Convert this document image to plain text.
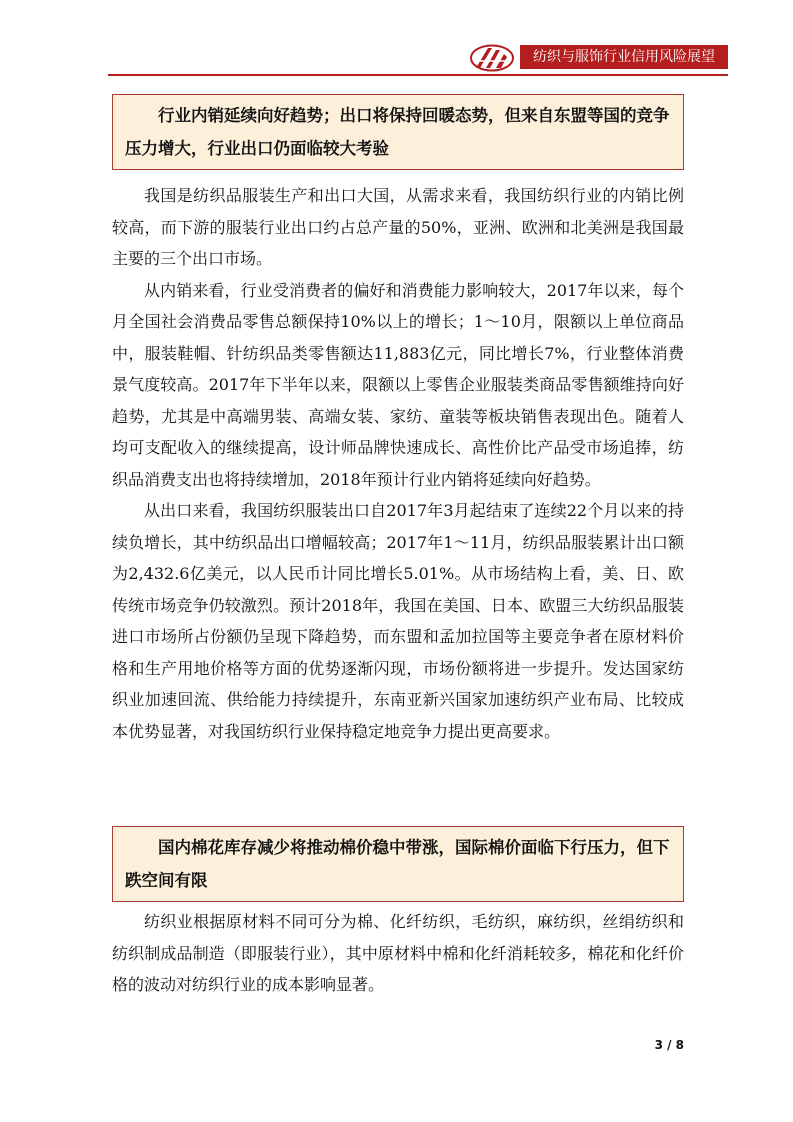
纺织与服饰行业信用风险展望

行业内销延续向好趋势；出口将保持回暖态势，但来自东盟等国的竞争压力增大，行业出口仍面临较大考验

我国是纺织品服装生产和出口大国，从需求来看，我国纺织行业的内销比例较高，而下游的服装行业出口约占总产量的50%，亚洲、欧洲和北美洲是我国最主要的三个出口市场。

从内销来看，行业受消费者的偏好和消费能力影响较大，2017年以来，每个月全国社会消费品零售总额保持10%以上的增长；1～10月，限额以上单位商品中，服装鞋帽、针纺织品类零售额达11,883亿元，同比增长7%，行业整体消费景气度较高。2017年下半年以来，限额以上零售企业服装类商品零售额维持向好趋势，尤其是中高端男装、高端女装、家纺、童装等板块销售表现出色。随着人均可支配收入的继续提高，设计师品牌快速成长、高性价比产品受市场追捧，纺织品消费支出也将持续增加，2018年预计行业内销将延续向好趋势。

从出口来看，我国纺织服装出口自2017年3月起结束了连续22个月以来的持续负增长，其中纺织品出口增幅较高；2017年1～11月，纺织品服装累计出口额为2,432.6亿美元，以人民币计同比增长5.01%。从市场结构上看，美、日、欧传统市场竞争仍较激烈。预计2018年，我国在美国、日本、欧盟三大纺织品服装进口市场所占份额仍呈现下降趋势，而东盟和孟加拉国等主要竞争者在原材料价格和生产用地价格等方面的优势逐渐闪现，市场份额将进一步提升。发达国家纺织业加速回流、供给能力持续提升，东南亚新兴国家加速纺织产业布局、比较成本优势显著，对我国纺织行业保持稳定地竞争力提出更高要求。

国内棉花库存减少将推动棉价稳中带涨，国际棉价面临下行压力，但下跌空间有限

纺织业根据原材料不同可分为棉、化纤纺织，毛纺织，麻纺织，丝绢纺织和纺织制成品制造（即服装行业），其中原材料中棉和化纤消耗较多，棉花和化纤价格的波动对纺织行业的成本影响显著。

3 / 8
